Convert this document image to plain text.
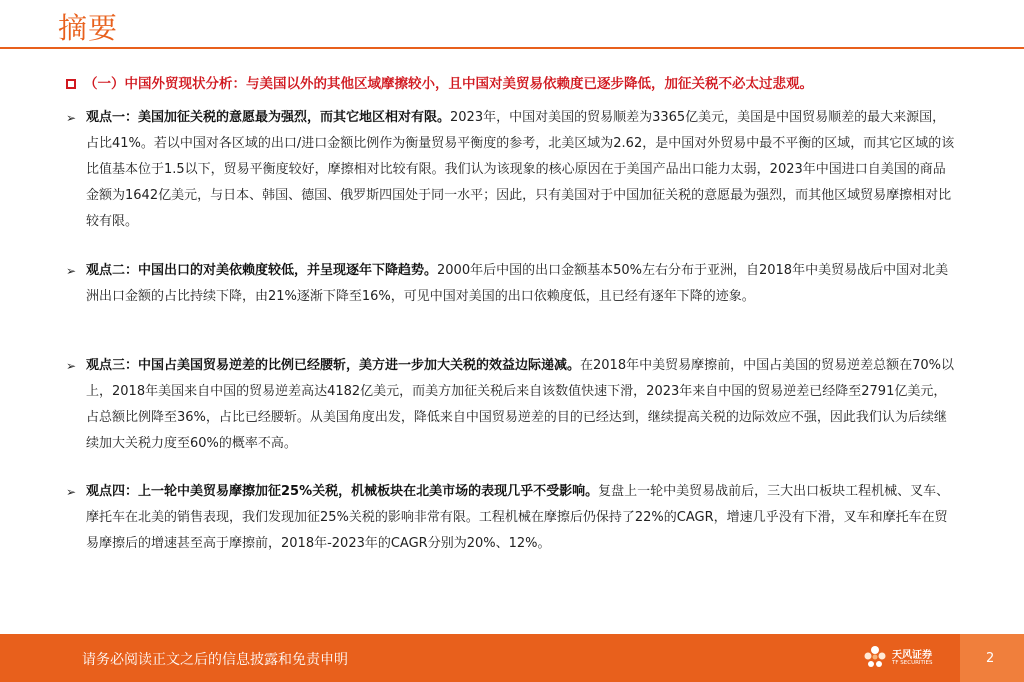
摘要
（一）中国外贸现状分析：与美国以外的其他区域摩擦较小，且中国对美贸易依赖度已逐步降低，加征关税不必太过悲观。
➢ 观点一：美国加征关税的意愿最为强烈，而其它地区相对有限。2023年，中国对美国的贸易顺差为3365亿美元，美国是中国贸易顺差的最大来源国，占比41%。若以中国对各区域的出口/进口金额比例作为衡量贸易平衡度的参考，北美区域为2.62，是中国对外贸易中最不平衡的区域，而其它区域的该比值基本位于1.5以下，贸易平衡度较好，摩擦相对比较有限。我们认为该现象的核心原因在于美国产品出口能力太弱，2023年中国进口自美国的商品金额为1642亿美元，与日本、韩国、德国、俄罗斯四国处于同一水平；因此，只有美国对于中国加征关税的意愿最为强烈，而其他区域贸易摩擦相对比较有限。
➢ 观点二：中国出口的对美依赖度较低，并呈现逐年下降趋势。2000年后中国的出口金额基本50%左右分布于亚洲，自2018年中美贸易战后中国对北美洲出口金额的占比持续下降，由21%逐渐下降至16%，可见中国对美国的出口依赖度低，且已经有逐年下降的迹象。
➢ 观点三：中国占美国贸易逆差的比例已经腰斩，美方进一步加大关税的效益边际递减。在2018年中美贸易摩擦前，中国占美国的贸易逆差总额在70%以上，2018年美国来自中国的贸易逆差高达4182亿美元，而美方加征关税后来自该数值快速下滑，2023年来自中国的贸易逆差已经降至2791亿美元，占总额比例降至36%，占比已经腰斩。从美国角度出发，降低来自中国贸易逆差的目的已经达到，继续提高关税的边际效应不强，因此我们认为后续继续加大关税力度至60%的概率不高。
➢ 观点四：上一轮中美贸易摩擦加征25%关税，机械板块在北美市场的表现几乎不受影响。复盘上一轮中美贸易战前后，三大出口板块工程机械、叉车、摩托车在北美的销售表现，我们发现加征25%关税的影响非常有限。工程机械在摩擦后仍保持了22%的CAGR，增速几乎没有下滑，叉车和摩托车在贸易摩擦后的增速甚至高于摩擦前，2018年-2023年的CAGR分别为20%、12%。
请务必阅读正文之后的信息披露和免责申明	天风证券
TF SECURITIES	2
